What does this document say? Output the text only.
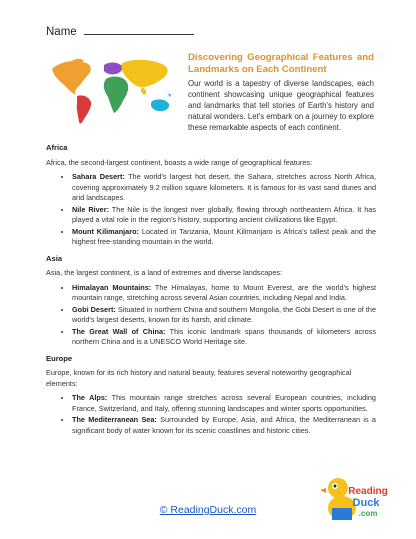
Name
Discovering Geographical Features and Landmarks on Each Continent
Our world is a tapestry of diverse landscapes, each continent showcasing unique geographical features and landmarks that tell stories of Earth's history and natural wonders. Let's embark on a journey to explore these remarkable aspects of each continent.
Africa
Africa, the second-largest continent, boasts a wide range of geographical features:
• Sahara Desert: The world's largest hot desert, the Sahara, stretches across North Africa, covering approximately 9.2 million square kilometers. It is famous for its vast sand dunes and arid landscapes.
• Nile River: The Nile is the longest river globally, flowing through northeastern Africa. It has played a vital role in the region's history, supporting ancient civilizations like Egypt.
• Mount Kilimanjaro: Located in Tanzania, Mount Kilimanjaro is Africa's tallest peak and the highest free-standing mountain in the world.
Asia
Asia, the largest continent, is a land of extremes and diverse landscapes:
• Himalayan Mountains: The Himalayas, home to Mount Everest, are the world's highest mountain range, stretching across several Asian countries, including Nepal and India.
• Gobi Desert: Situated in northern China and southern Mongolia, the Gobi Desert is one of the world's largest deserts, known for its harsh, arid climate.
• The Great Wall of China: This iconic landmark spans thousands of kilometers across northern China and is a UNESCO World Heritage site.
Europe
Europe, known for its rich history and natural beauty, features several noteworthy geographical elements:
• The Alps: This mountain range stretches across several European countries, including France, Switzerland, and Italy, offering stunning landscapes and winter sports opportunities.
• The Mediterranean Sea: Surrounded by Europe, Asia, and Africa, the Mediterranean is a significant body of water known for its scenic coastlines and historic cities.
© ReadingDuck.com
Reading
Duck
.com
